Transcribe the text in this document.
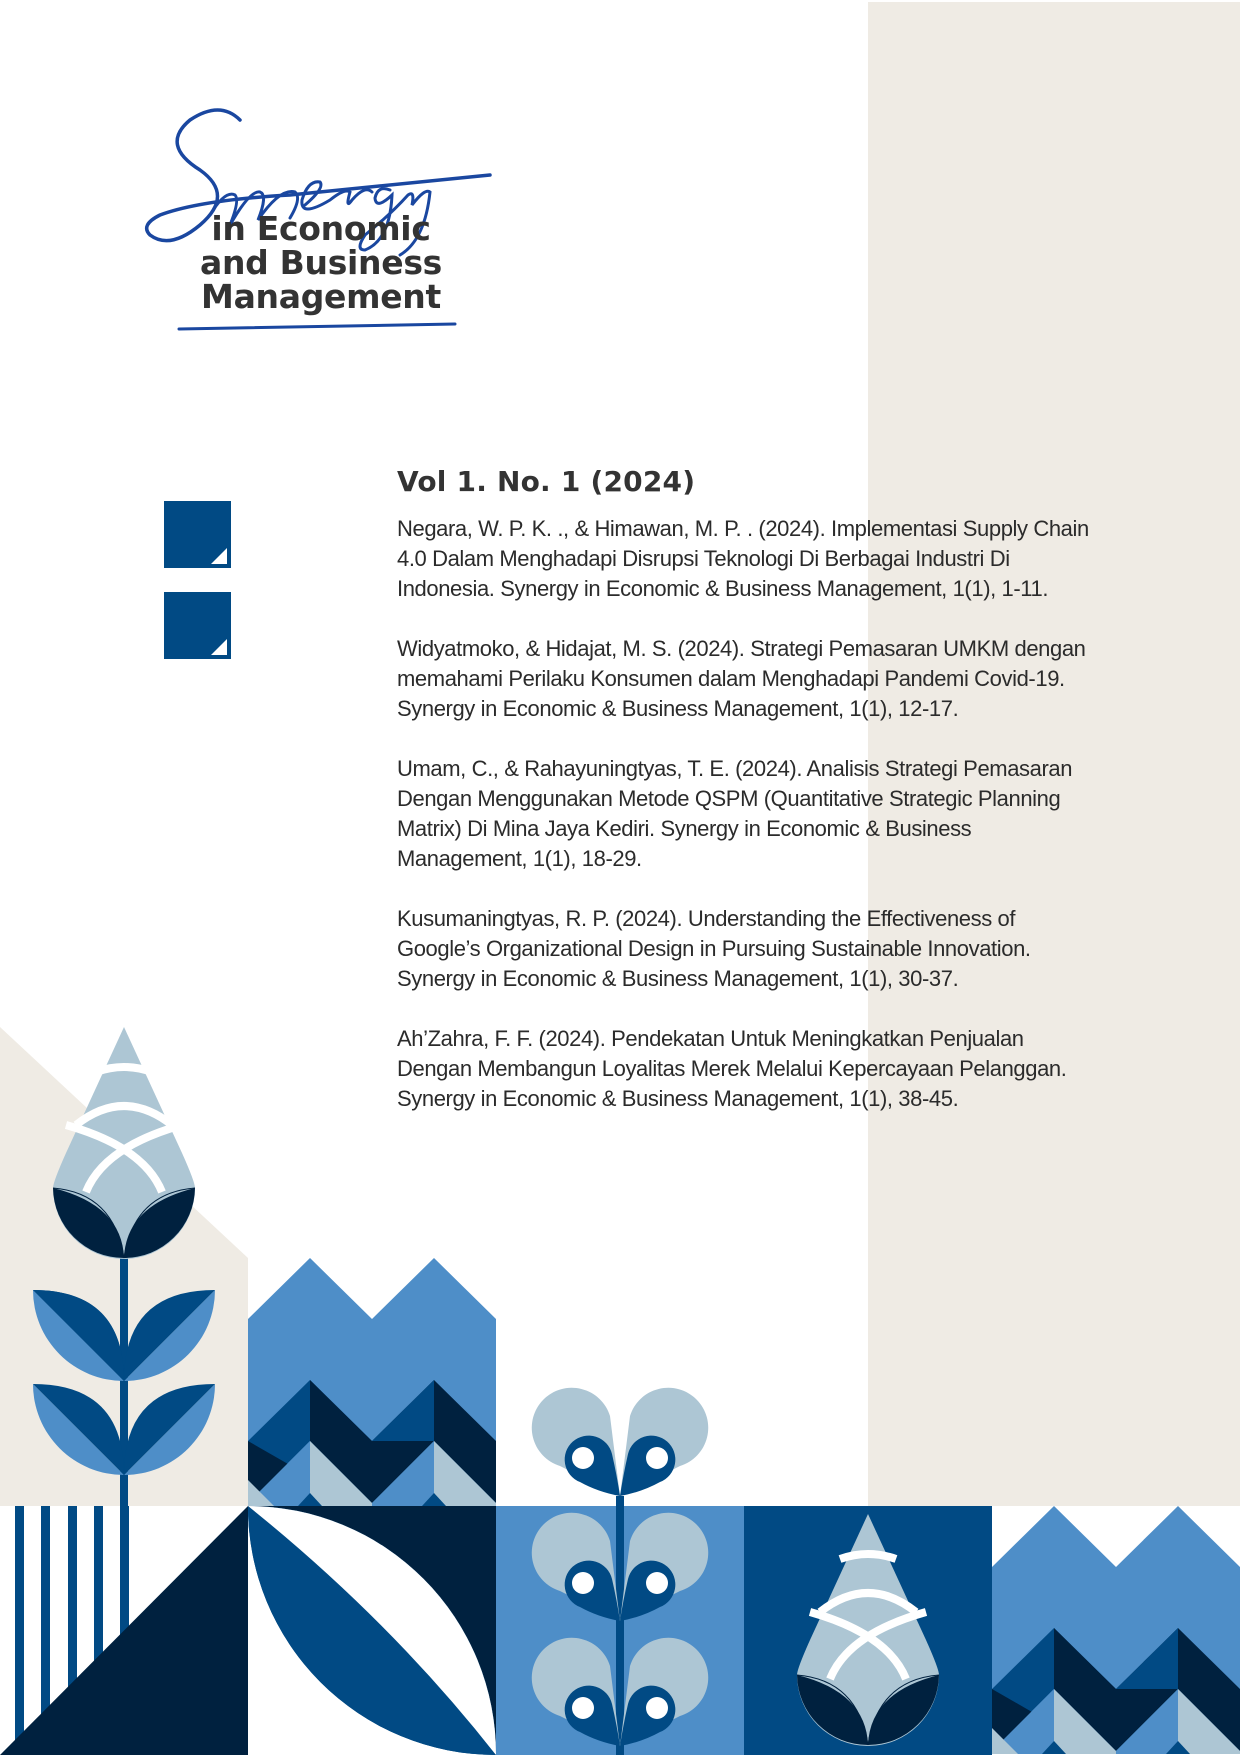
in Economic
and Business
Management
Vol 1. No. 1 (2024)

Negara, W. P. K. ., & Himawan, M. P. . (2024). Implementasi Supply Chain
4.0 Dalam Menghadapi Disrupsi Teknologi Di Berbagai Industri Di
Indonesia. Synergy in Economic & Business Management, 1(1), 1-11.

Widyatmoko, & Hidajat, M. S. (2024). Strategi Pemasaran UMKM dengan
memahami Perilaku Konsumen dalam Menghadapi Pandemi Covid-19.
Synergy in Economic & Business Management, 1(1), 12-17.

Umam, C., & Rahayuningtyas, T. E. (2024). Analisis Strategi Pemasaran
Dengan Menggunakan Metode QSPM (Quantitative Strategic Planning
Matrix) Di Mina Jaya Kediri. Synergy in Economic & Business
Management, 1(1), 18-29.

Kusumaningtyas, R. P. (2024). Understanding the Effectiveness of
Google’s Organizational Design in Pursuing Sustainable Innovation.
Synergy in Economic & Business Management, 1(1), 30-37.

Ah’Zahra, F. F. (2024). Pendekatan Untuk Meningkatkan Penjualan
Dengan Membangun Loyalitas Merek Melalui Kepercayaan Pelanggan.
Synergy in Economic & Business Management, 1(1), 38-45.
